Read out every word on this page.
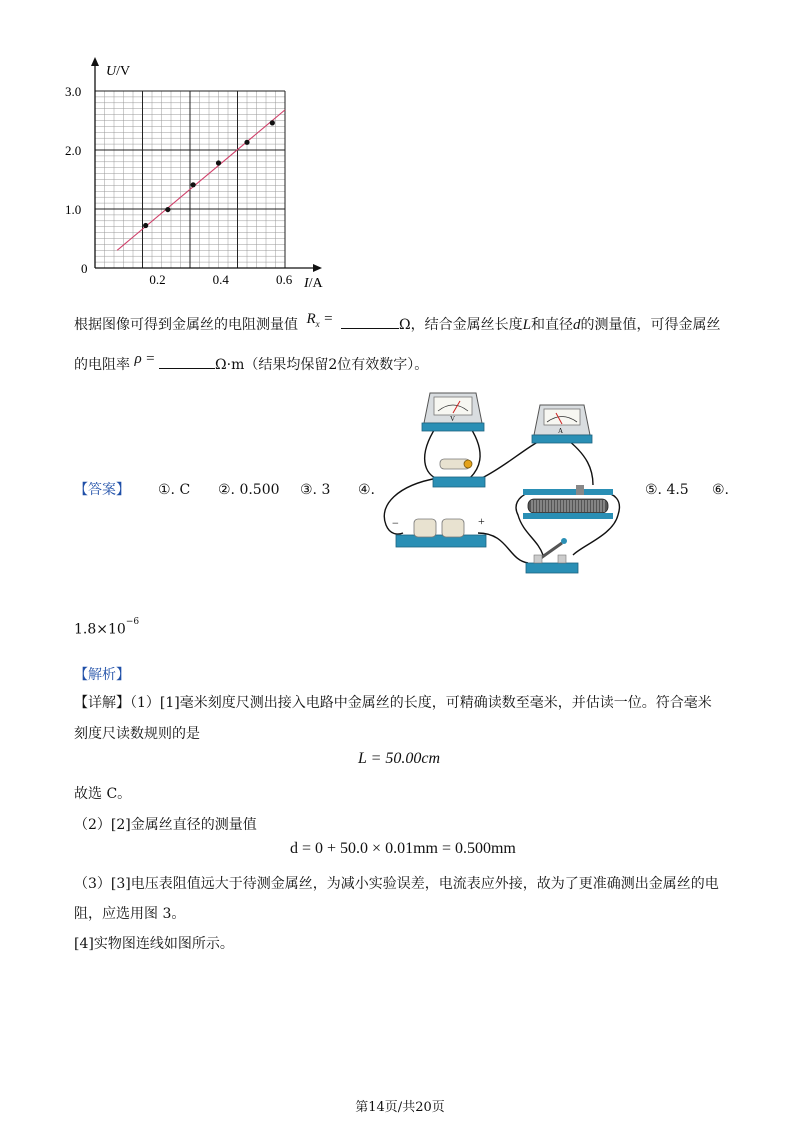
0.2	0.4	0.6
3.0
2.0
1.0
0
U/V
I/A
根据图像可得到金属丝的电阻测量值 $R_x$ =	Ω，结合金属丝长度L和直径d的测量值，可得金属丝
的电阻率 ρ =	Ω·m（结果均保留2位有效数字）。
【答案】 ①. C ②. 0.500 ③. 3 ④.	⑤. 4.5 ⑥.
V
A
−	+
$1.8\times 10^{-6}$
【解析】
【详解】（1）[1]毫米刻度尺测出接入电路中金属丝的长度，可精确读数至毫米，并估读一位。符合毫米
刻度尺读数规则的是
L = 50.00cm
故选 C。
（2）[2]金属丝直径的测量值
d = 0 + 50.0 × 0.01mm = 0.500mm
（3）[3]电压表阻值远大于待测金属丝，为减小实验误差，电流表应外接，故为了更准确测出金属丝的电
阻，应选用图 3。
[4]实物图连线如图所示。
第14页/共20页
